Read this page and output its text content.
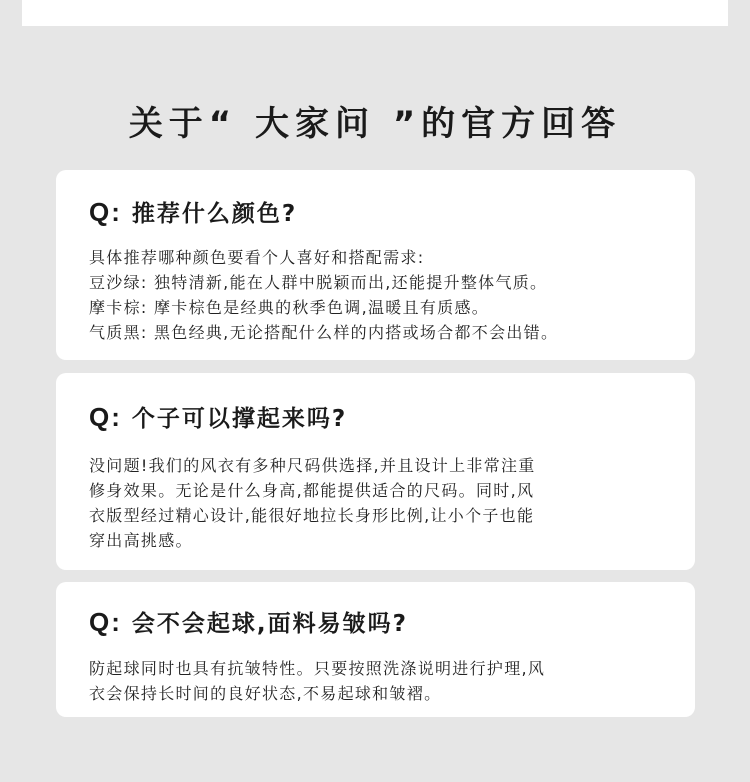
关于“ 大家问 ”的官方回答
Q: 推荐什么颜色?
具体推荐哪种颜色要看个人喜好和搭配需求:
豆沙绿: 独特清新,能在人群中脱颖而出,还能提升整体气质。
摩卡棕: 摩卡棕色是经典的秋季色调,温暖且有质感。
气质黑: 黑色经典,无论搭配什么样的内搭或场合都不会出错。
Q: 个子可以撑起来吗?
没问题!我们的风衣有多种尺码供选择,并且设计上非常注重
修身效果。无论是什么身高,都能提供适合的尺码。同时,风
衣版型经过精心设计,能很好地拉长身形比例,让小个子也能
穿出高挑感。
Q: 会不会起球,面料易皱吗?
防起球同时也具有抗皱特性。只要按照洗涤说明进行护理,风
衣会保持长时间的良好状态,不易起球和皱褶。
